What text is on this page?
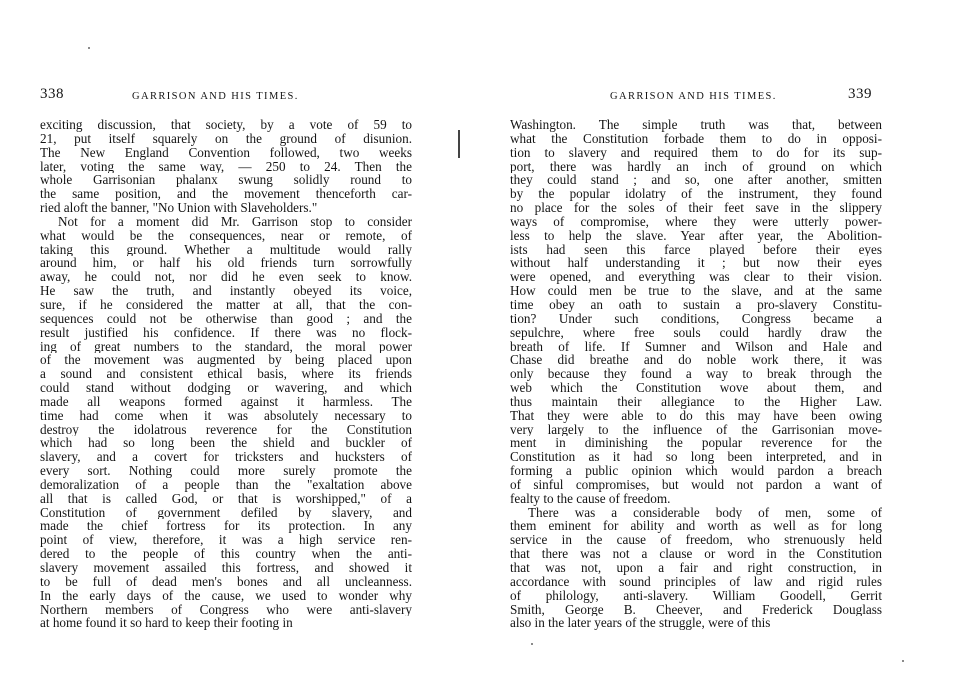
338	GARRISON AND HIS TIMES.
exciting discussion, that society, by a vote of 59 to
21, put itself squarely on the ground of disunion.
The New England Convention followed, two weeks
later, voting the same way, — 250 to 24. Then the
whole Garrisonian phalanx swung solidly round to
the same position, and the movement thenceforth car-
ried aloft the banner, "No Union with Slaveholders."
Not for a moment did Mr. Garrison stop to consider
what would be the consequences, near or remote, of
taking this ground. Whether a multitude would rally
around him, or half his old friends turn sorrowfully
away, he could not, nor did he even seek to know.
He saw the truth, and instantly obeyed its voice,
sure, if he considered the matter at all, that the con-
sequences could not be otherwise than good ; and the
result justified his confidence. If there was no flock-
ing of great numbers to the standard, the moral power
of the movement was augmented by being placed upon
a sound and consistent ethical basis, where its friends
could stand without dodging or wavering, and which
made all weapons formed against it harmless. The
time had come when it was absolutely necessary to
destroy the idolatrous reverence for the Constitution
which had so long been the shield and buckler of
slavery, and a covert for tricksters and hucksters of
every sort. Nothing could more surely promote the
demoralization of a people than the "exaltation above
all that is called God, or that is worshipped," of a
Constitution of government defiled by slavery, and
made the chief fortress for its protection. In any
point of view, therefore, it was a high service ren-
dered to the people of this country when the anti-
slavery movement assailed this fortress, and showed it
to be full of dead men's bones and all uncleanness.
In the early days of the cause, we used to wonder why
Northern members of Congress who were anti-slavery
at home found it so hard to keep their footing in
GARRISON AND HIS TIMES.	339
Washington. The simple truth was that, between
what the Constitution forbade them to do in opposi-
tion to slavery and required them to do for its sup-
port, there was hardly an inch of ground on which
they could stand ; and so, one after another, smitten
by the popular idolatry of the instrument, they found
no place for the soles of their feet save in the slippery
ways of compromise, where they were utterly power-
less to help the slave. Year after year, the Abolition-
ists had seen this farce played before their eyes
without half understanding it ; but now their eyes
were opened, and everything was clear to their vision.
How could men be true to the slave, and at the same
time obey an oath to sustain a pro-slavery Constitu-
tion? Under such conditions, Congress became a
sepulchre, where free souls could hardly draw the
breath of life. If Sumner and Wilson and Hale and
Chase did breathe and do noble work there, it was
only because they found a way to break through the
web which the Constitution wove about them, and
thus maintain their allegiance to the Higher Law.
That they were able to do this may have been owing
very largely to the influence of the Garrisonian move-
ment in diminishing the popular reverence for the
Constitution as it had so long been interpreted, and in
forming a public opinion which would pardon a breach
of sinful compromises, but would not pardon a want of
fealty to the cause of freedom.
There was a considerable body of men, some of
them eminent for ability and worth as well as for long
service in the cause of freedom, who strenuously held
that there was not a clause or word in the Constitution
that was not, upon a fair and right construction, in
accordance with sound principles of law and rigid rules
of philology, anti-slavery. William Goodell, Gerrit
Smith, George B. Cheever, and Frederick Douglass
also in the later years of the struggle, were of this
